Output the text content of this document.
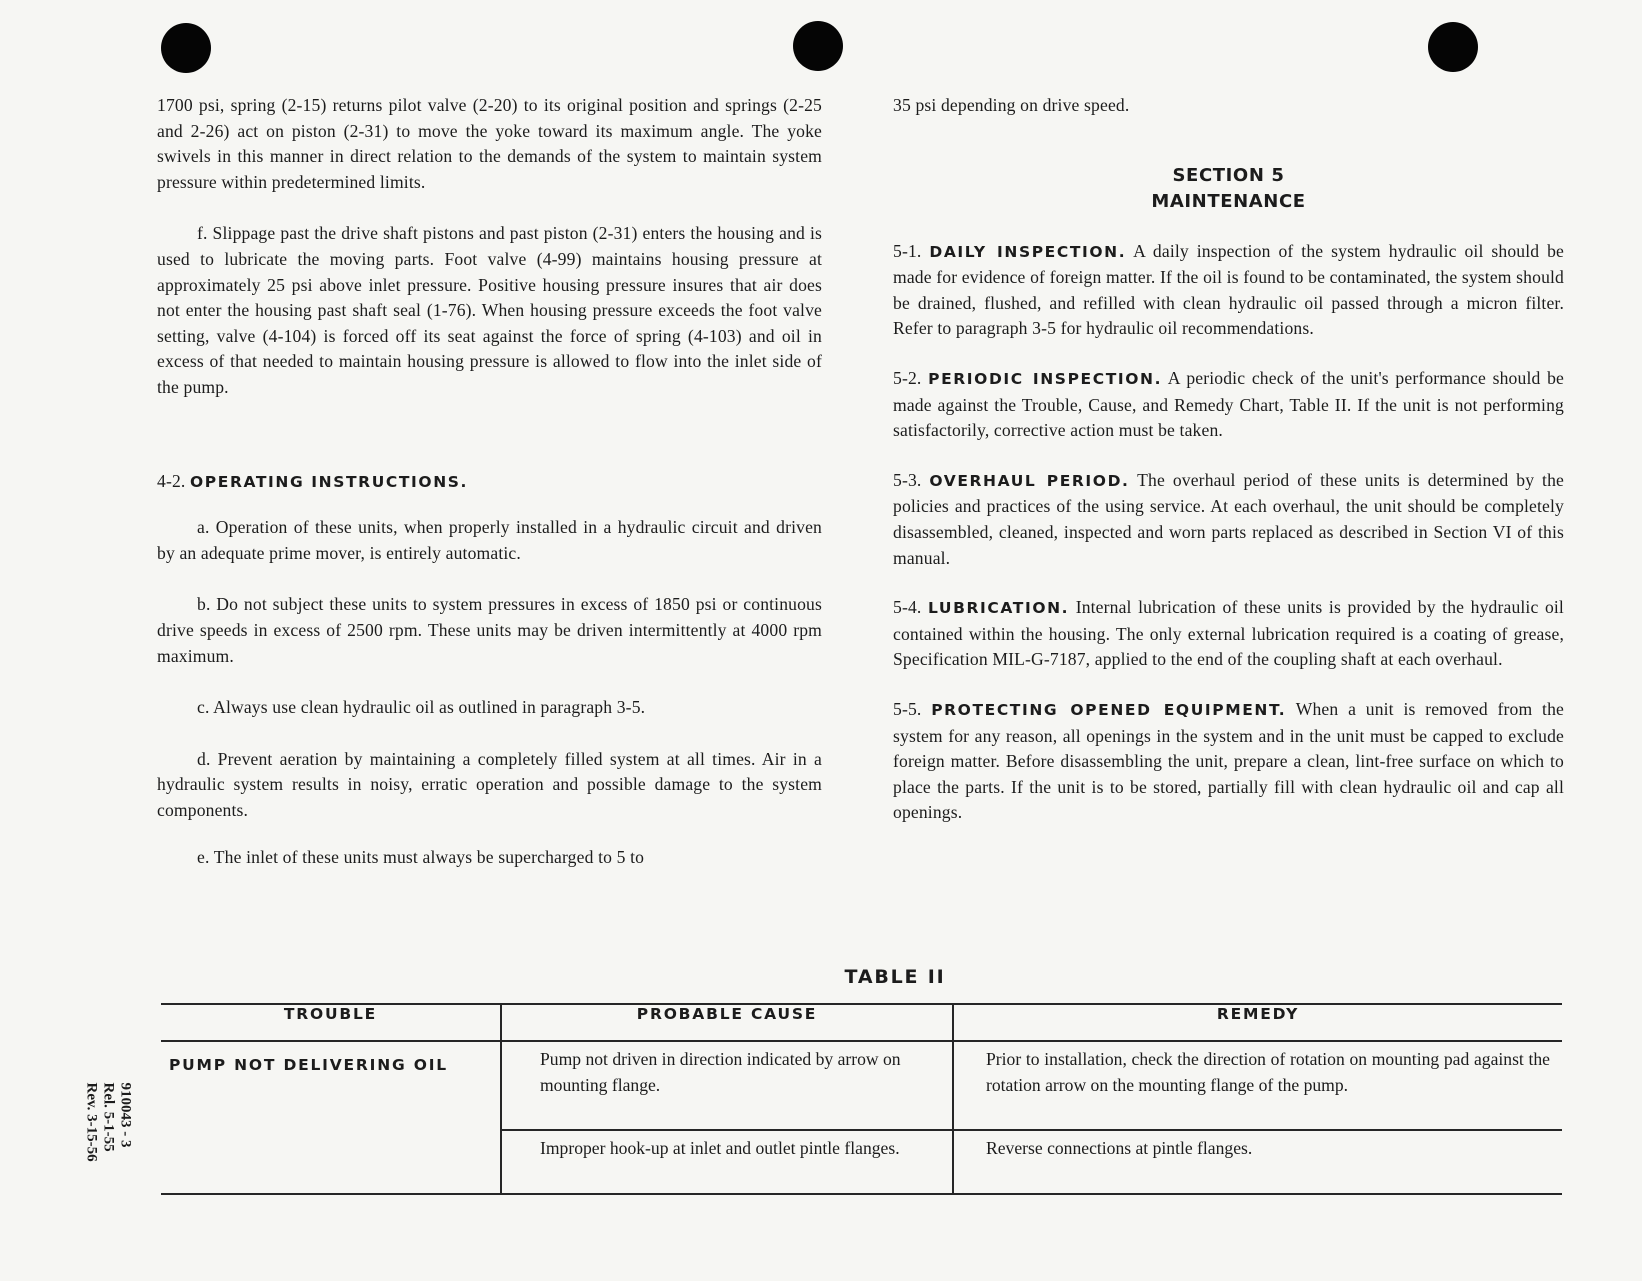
1700 psi, spring (2-15) returns pilot valve (2-20) to its original position and springs (2-25 and 2-26) act on piston (2-31) to move the yoke toward its maximum angle. The yoke swivels in this manner in direct relation to the demands of the system to maintain system pressure within predetermined limits.

f. Slippage past the drive shaft pistons and past piston (2-31) enters the housing and is used to lubricate the moving parts. Foot valve (4-99) maintains housing pressure at approximately 25 psi above inlet pressure. Positive housing pressure insures that air does not enter the housing past shaft seal (1-76). When housing pressure exceeds the foot valve setting, valve (4-104) is forced off its seat against the force of spring (4-103) and oil in excess of that needed to maintain housing pressure is allowed to flow into the inlet side of the pump.

4-2. OPERATING INSTRUCTIONS.

a. Operation of these units, when properly installed in a hydraulic circuit and driven by an adequate prime mover, is entirely automatic.

b. Do not subject these units to system pressures in excess of 1850 psi or continuous drive speeds in excess of 2500 rpm. These units may be driven intermittently at 4000 rpm maximum.

c. Always use clean hydraulic oil as outlined in paragraph 3-5.

d. Prevent aeration by maintaining a completely filled system at all times. Air in a hydraulic system results in noisy, erratic operation and possible damage to the system components.

e. The inlet of these units must always be supercharged to 5 to

35 psi depending on drive speed.

SECTION 5
MAINTENANCE

5-1. DAILY INSPECTION. A daily inspection of the system hydraulic oil should be made for evidence of foreign matter. If the oil is found to be contaminated, the system should be drained, flushed, and refilled with clean hydraulic oil passed through a micron filter. Refer to paragraph 3-5 for hydraulic oil recommendations.

5-2. PERIODIC INSPECTION. A periodic check of the unit's performance should be made against the Trouble, Cause, and Remedy Chart, Table II. If the unit is not performing satisfactorily, corrective action must be taken.

5-3. OVERHAUL PERIOD. The overhaul period of these units is determined by the policies and practices of the using service. At each overhaul, the unit should be completely disassembled, cleaned, inspected and worn parts replaced as described in Section VI of this manual.

5-4. LUBRICATION. Internal lubrication of these units is provided by the hydraulic oil contained within the housing. The only external lubrication required is a coating of grease, Specification MIL-G-7187, applied to the end of the coupling shaft at each overhaul.

5-5. PROTECTING OPENED EQUIPMENT. When a unit is removed from the system for any reason, all openings in the system and in the unit must be capped to exclude foreign matter. Before disassembling the unit, prepare a clean, lint-free surface on which to place the parts. If the unit is to be stored, partially fill with clean hydraulic oil and cap all openings.

TABLE II
TROUBLE	PROBABLE CAUSE	REMEDY
PUMP NOT DELIVERING OIL	Pump not driven in direction indicated by arrow on mounting flange.	Prior to installation, check the direction of rotation on mounting pad against the rotation arrow on the mounting flange of the pump.
	Improper hook-up at inlet and outlet pintle flanges.	Reverse connections at pintle flanges.
910043 - 3
Rel. 5-1-55
Rev. 3-15-56
